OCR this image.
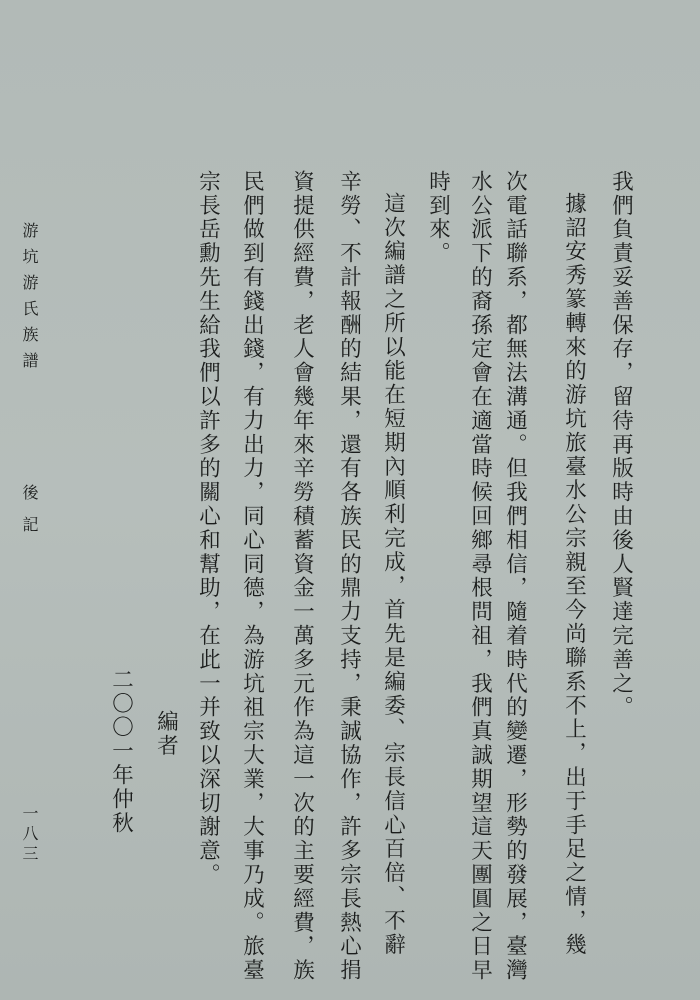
我們負責妥善保存，留待再版時由後人賢達完善之。
據詔安秀篆轉來的游坑旅臺水公宗親至今尚聯系不上，出于手足之情，幾
次電話聯系，都無法溝通。但我們相信，隨着時代的變遷，形勢的發展，臺灣
水公派下的裔孫定會在適當時候回鄉尋根問祖，我們真誠期望這天團圓之日早
時到來。
這次編譜之所以能在短期內順利完成，首先是編委、宗長信心百倍、不辭
辛勞、不計報酬的結果，還有各族民的鼎力支持，秉誠協作，許多宗長熱心捐
資提供經費，老人會幾年來辛勞積蓄資金一萬多元作為這一次的主要經費，族
民們做到有錢出錢，有力出力，同心同德，為游坑祖宗大業，大事乃成。旅臺
宗長岳勳先生給我們以許多的關心和幫助，在此一并致以深切謝意。
編者
二〇〇一年仲秋
游坑游氏族譜
後記
一八三
